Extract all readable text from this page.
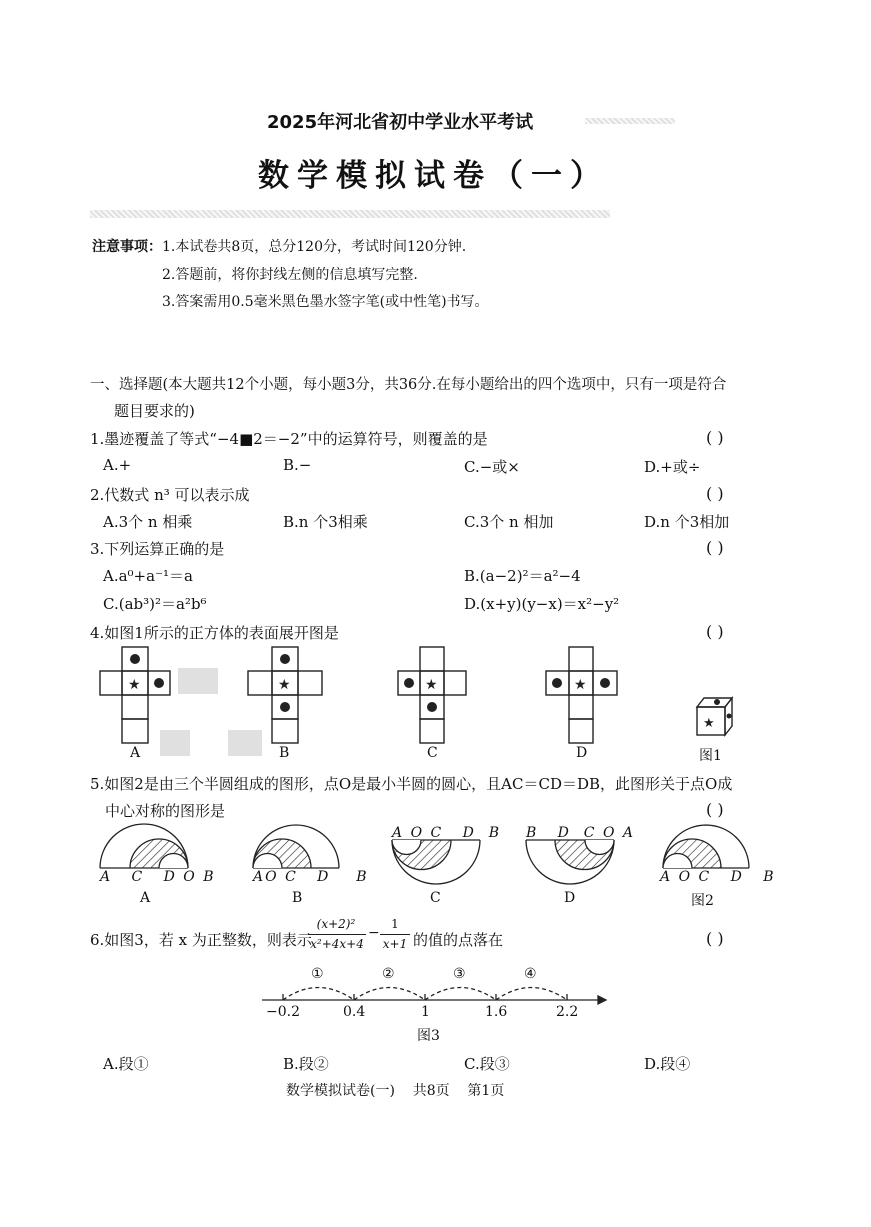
2025年河北省初中学业水平考试
数学模拟试卷（一）
注意事项： 1.本试卷共8页，总分120分，考试时间120分钟.
2.答题前，将你封线左侧的信息填写完整.
3.答案需用0.5毫米黑色墨水签字笔(或中性笔)书写。
一、选择题(本大题共12个小题，每小题3分，共36分.在每小题给出的四个选项中，只有一项是符合
题目要求的)
1.墨迹覆盖了等式“−4■2＝−2”中的运算符号，则覆盖的是	( )
A.+	B.−	C.−或×	D.+或÷
2.代数式 n³ 可以表示成	( )
A.3个 n 相乘	B.n 个3相乘	C.3个 n 相加	D.n 个3相加
3.下列运算正确的是	( )
A.a⁰+a⁻¹＝a	B.(a−2)²＝a²−4
C.(ab³)²＝a²b⁶	D.(x+y)(y−x)＝x²−y²
4.如图1所示的正方体的表面展开图是	( )
★	★	★	★
★
A	B	C	D	图1
5.如图2是由三个半圆组成的图形，点O是最小半圆的圆心，且AC＝CD＝DB，此图形关于点O成
中心对称的图形是	( )
A C D O B	AO C D B
A O C D B B D C O A
A O C D B
A	B	C	D	图2
6.如图3，若 x 为正整数，则表示
(x+2)²
x²+4x+4
−
1
x+1 的值的点落在	( )
①	②	③	④
−0.2	0.4	1	1.6	2.2
图3
A.段①	B.段②	C.段③	D.段④
数学模拟试卷(一)    共8页    第1页
